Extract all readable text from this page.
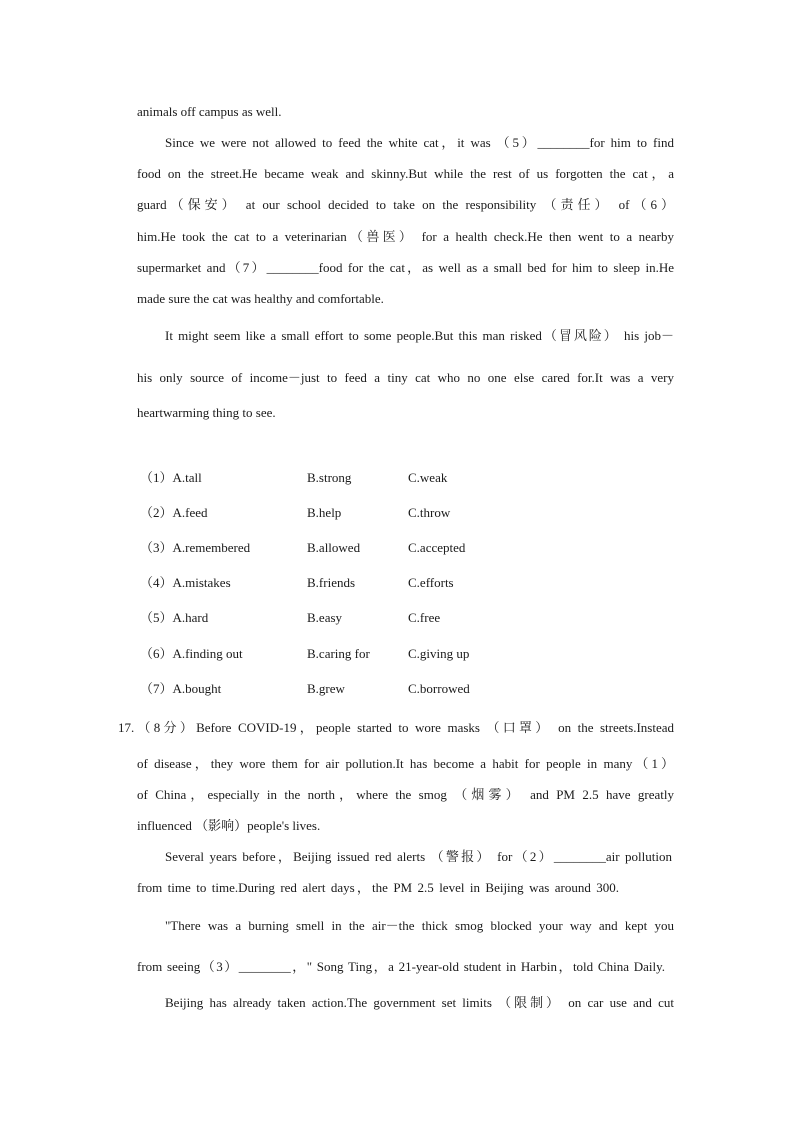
animals off campus as well.
Since we were not allowed to feed the white cat，it was （5）________for him to find
food on the street.He became weak and skinny.But while the rest of us forgotten the cat，a
guard（保安） at our school decided to take on the responsibility （责任） of（6）
him.He took the cat to a veterinarian（兽医） for a health check.He then went to a nearby
supermarket and（7）________food for the cat，as well as a small bed for him to sleep in.He
made sure the cat was healthy and comfortable.
It might seem like a small effort to some people.But this man risked（冒风险） his job－
his only source of income－just to feed a tiny cat who no one else cared for.It was a very
heartwarming thing to see.
（1）A.tall	B.strong	C.weak
（2）A.feed	B.help	C.throw
（3）A.remembered	B.allowed	C.accepted
（4）A.mistakes	B.friends	C.efforts
（5）A.hard	B.easy	C.free
（6）A.finding out	B.caring for	C.giving up
（7）A.bought	B.grew	C.borrowed
17.（8分）Before COVID-19，people started to wore masks （口罩） on the streets.Instead
of disease，they wore them for air pollution.It has become a habit for people in many（1）
of China，especially in the north，where the smog （烟雾） and PM 2.5 have greatly
influenced （影响）people's lives.
Several years before，Beijing issued red alerts （警报） for（2）________air pollution
from time to time.During red alert days，the PM 2.5 level in Beijing was around 300.
"There was a burning smell in the air－the thick smog blocked your way and kept you
from seeing（3）________，" Song Ting，a 21-year-old student in Harbin，told China Daily.
Beijing has already taken action.The government set limits （限制） on car use and cut
